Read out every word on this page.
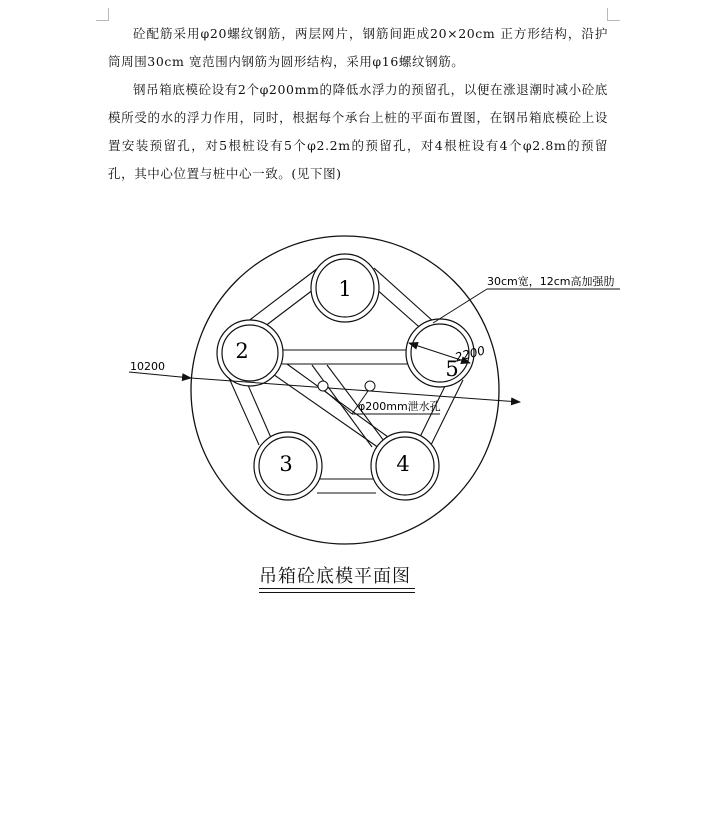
砼配筋采用φ20螺纹钢筋，两层网片，钢筋间距成20×20cm 正方形结构，沿护筒周围30cm 宽范围内钢筋为圆形结构，采用φ16螺纹钢筋。

钢吊箱底模砼设有2个φ200mm的降低水浮力的预留孔，以便在涨退潮时减小砼底模所受的水的浮力作用，同时，根据每个承台上桩的平面布置图，在钢吊箱底模砼上设置安装预留孔，对5根桩设有5个φ2.2m的预留孔，对4根桩设有4个φ2.8m的预留孔，其中心位置与桩中心一致。(见下图)

1
2
3	4
5
2200
10200
φ200mm泄水孔
30cm宽，12cm高加强肋
吊箱砼底模平面图
